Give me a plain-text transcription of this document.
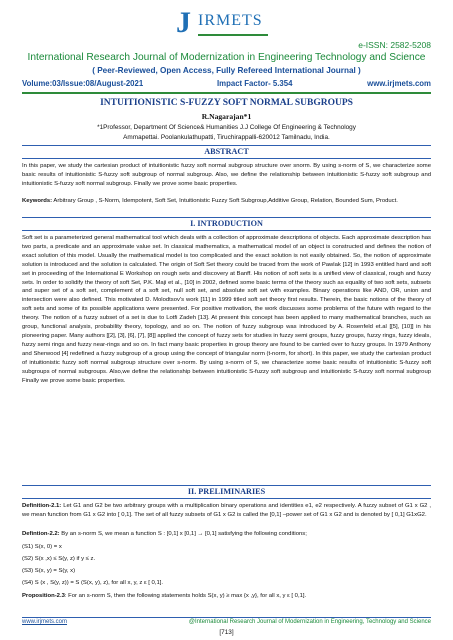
J IRMETS
e-ISSN: 2582-5208
International Research Journal of Modernization in Engineering Technology and Science
( Peer-Reviewed, Open Access, Fully Refereed International Journal )
Volume:03/Issue:08/August-2021	Impact Factor- 5.354	www.irjmets.com
INTUITIONISTIC S-FUZZY SOFT NORMAL SUBGROUPS
R.Nagarajan*1
*1Professor, Department Of Science& Humanities J.J College Of Engineering & Technology
Ammapettai. Poolankulathupatti, Tiruchirappalli-620012 Tamilnadu, India.
ABSTRACT
In this paper, we study the cartesian product of intuitionistic fuzzy soft normal subgroup structure over snorm. By using s-norm of S, we characterize some basic results of intuitionistic S-fuzzy soft subgroup of normal subgroup. Also, we define the relationship between intuitionistic S-fuzzy soft subgroup and intuitionistic S-fuzzy soft normal subgroup. Finally we prove some basic properties.
Keywords: Arbitrary Group , S-Norm, Idempotent, Soft Set, Intuitionistic Fuzzy Soft Subgroup,Additive Group, Relation, Bounded Sum, Product.
I. INTRODUCTION
Soft set is a parameterized general mathematical tool which deals with a collection of approximate descriptions of objects. Each approximate description has two parts, a predicate and an approximate value set. In classical mathematics, a mathematical model of an object is constructed and defines the notion of exact solution of this model. Usually the mathematical model is too complicated and the exact solution is not easily obtained. So, the notion of approximate solution is introduced and the solution is calculated. The origin of Soft Set theory could be traced from the work of Pawlak [12] in 1993 entitled hard and soft set in proceeding of the International E Workshop on rough sets and discovery at Banff. His notion of soft sets is a unified view of classical, rough and fuzzy sets. In order to solidify the theory of soft Set, P.K. Maji et al., [10] in 2002, defined some basic terms of the theory such as equality of two soft sets, subsets and super set of a soft set, complement of a soft set, null soft set, and absolute soft set with examples. Binary operations like AND, OR, union and intersection were also defined. This motivated D. Molodtsov's work [11] in 1999 titled soft set theory first results. Therein, the basic notions of the theory of soft sets and some of its possible applications were presented. For positive motivation, the work discusses some problems of the future with regard to the theory. The notion of a fuzzy subset of a set is due to Lotfi Zadeh [13]. At present this concept has been applied to many mathematical branches, such as group, functional analysis, probability theory, topology, and so on. The notion of fuzzy subgroup was introduced by A. Rosenfeld et.al [[5], [10]] in his pioneering paper. Many authors [[2], [3], [6], [7], [8]] applied the concept of fuzzy sets for studies in fuzzy semi groups, fuzzy groups, fuzzy rings, fuzzy ideals, fuzzy semi rings and fuzzy near-rings and so on. In fact many basic properties in group theory are found to be carried over to fuzzy groups. In 1979 Anthony and Sherwood [4] redefined a fuzzy subgroup of a group using the concept of triangular norm (t-norm, for short). In this paper, we study the cartesian product of intuitionistic fuzzy soft normal subgroup structure over s-norm. By using s-norm of S, we characterize some basic results of intuitionistic S-fuzzy soft subgroups of normal subgroups. Also,we define the relationship between intuitionistic S-fuzzy soft subgroup and intuitionistic S-fuzzy soft normal subgroup Finally we prove some basic properties.
II. PRELIMINARIES
Definition-2.1: Let G1 and G2 be two arbitrary groups with a multiplication binary operations and identities e1, e2 respectively. A fuzzy subset of G1 x G2 , we mean function from G1 x G2 into [ 0,1]. The set of all fuzzy subsets of G1 x G2 is called the [0,1] –power set of G1 x G2 and is denoted by [ 0,1] G1xG2.
Defintion-2.2: By an s-norm S, we mean a function S : [0,1] x [0,1] → [0,1] satisfying the following conditions;
(S1) S(x, 0) = x
(S2) S(x ,x) ≤ S(y, z) if y ≤ z.
(S3) S(x, y) = S(y, x)
(S4) S (x , S(y, z)) = S (S(x, y), z), for all x, y, z ε [ 0,1].
Proposition-2.3: For an s-norm S, then the following statements holds S(x, y) ≥ max {x ,y}, for all x, y ε [ 0,1].
www.irjmets.com	@International Research Journal of Modernization in Engineering, Technology and Science
[713]
